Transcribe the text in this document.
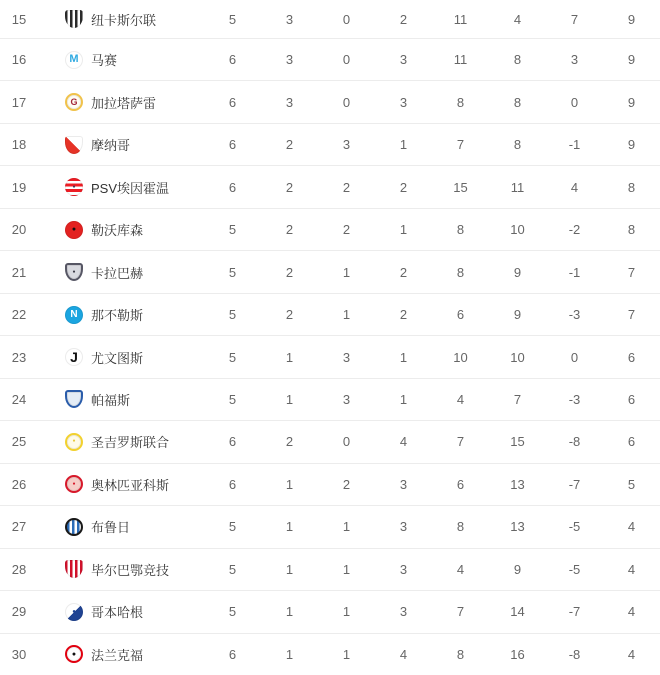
15	纽卡斯尔联	5	3	0	2	11	4	7	9
16	M 马赛	6	3	0	3	11	8	3	9
17	G 加拉塔萨雷	6	3	0	3	8	8	0	9
18	摩纳哥	6	2	3	1	7	8	-1	9
19	● PSV埃因霍温	6	2	2	2	15	11	4	8
20	● 勒沃库森	5	2	2	1	8	10	-2	8
21	● 卡拉巴赫	5	2	1	2	8	9	-1	7
22	N 那不勒斯	5	2	1	2	6	9	-3	7
23	J 尤文图斯	5	1	3	1	10	10	0	6
24	帕福斯	5	1	3	1	4	7	-3	6
25	● 圣吉罗斯联合	6	2	0	4	7	15	-8	6
26	● 奥林匹亚科斯	6	1	2	3	6	13	-7	5
27	布鲁日	5	1	1	3	8	13	-5	4
28	毕尔巴鄂竞技	5	1	1	3	4	9	-5	4
29	● 哥本哈根	5	1	1	3	7	14	-7	4
30	● 法兰克福	6	1	1	4	8	16	-8	4
